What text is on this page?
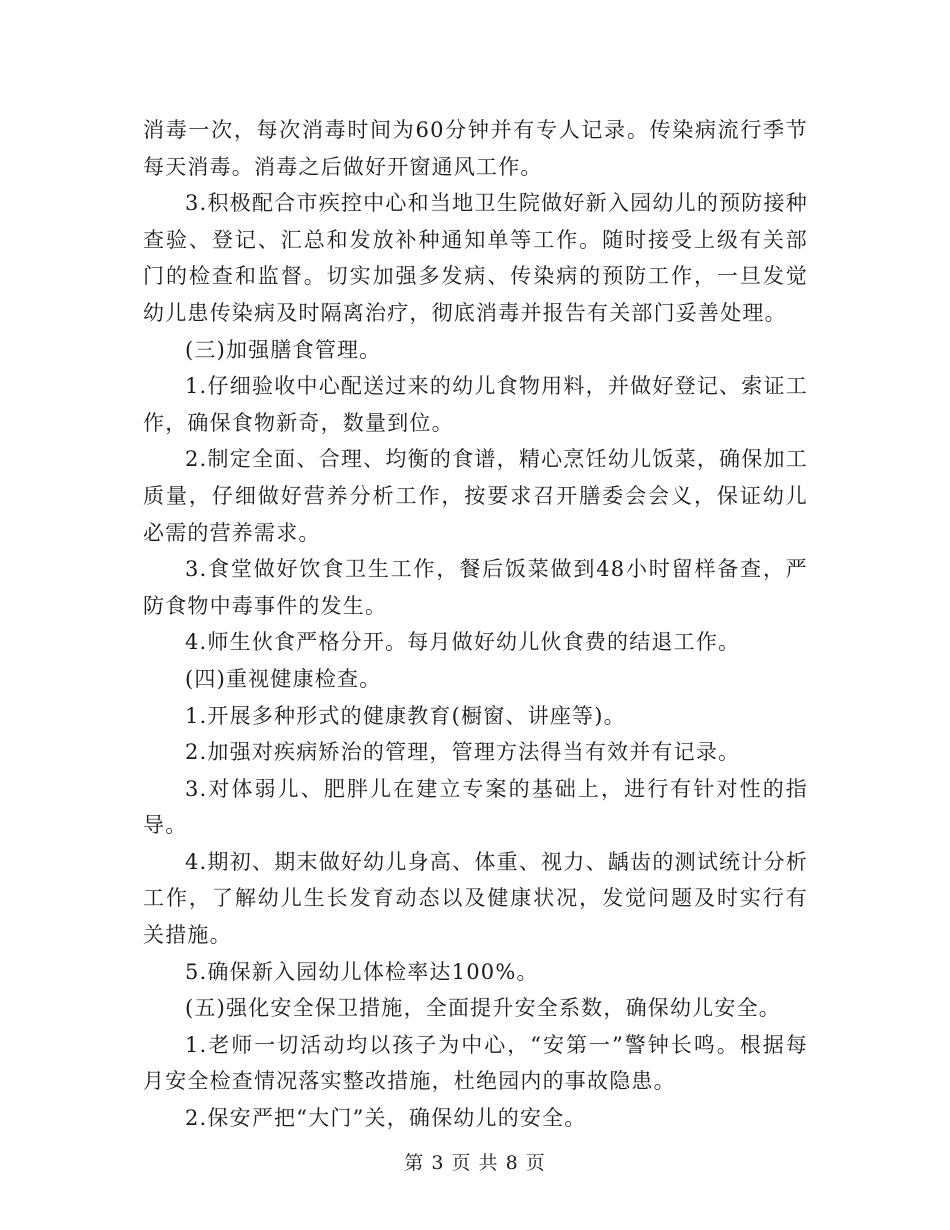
消毒一次，每次消毒时间为60分钟并有专人记录。传染病流行季节每天消毒。消毒之后做好开窗通风工作。

3.积极配合市疾控中心和当地卫生院做好新入园幼儿的预防接种查验、登记、汇总和发放补种通知单等工作。随时接受上级有关部门的检查和监督。切实加强多发病、传染病的预防工作，一旦发觉幼儿患传染病及时隔离治疗，彻底消毒并报告有关部门妥善处理。

(三)加强膳食管理。

1.仔细验收中心配送过来的幼儿食物用料，并做好登记、索证工作，确保食物新奇，数量到位。

2.制定全面、合理、均衡的食谱，精心烹饪幼儿饭菜，确保加工质量，仔细做好营养分析工作，按要求召开膳委会会义，保证幼儿必需的营养需求。

3.食堂做好饮食卫生工作，餐后饭菜做到48小时留样备查，严防食物中毒事件的发生。

4.师生伙食严格分开。每月做好幼儿伙食费的结退工作。

(四)重视健康检查。

1.开展多种形式的健康教育(橱窗、讲座等)。

2.加强对疾病矫治的管理，管理方法得当有效并有记录。

3.对体弱儿、肥胖儿在建立专案的基础上，进行有针对性的指导。

4.期初、期末做好幼儿身高、体重、视力、龋齿的测试统计分析工作，了解幼儿生长发育动态以及健康状况，发觉问题及时实行有关措施。

5.确保新入园幼儿体检率达100%。

(五)强化安全保卫措施，全面提升安全系数，确保幼儿安全。

1.老师一切活动均以孩子为中心，“安第一”警钟长鸣。根据每月安全检查情况落实整改措施，杜绝园内的事故隐患。

2.保安严把“大门”关，确保幼儿的安全。

第 3 页 共 8 页
